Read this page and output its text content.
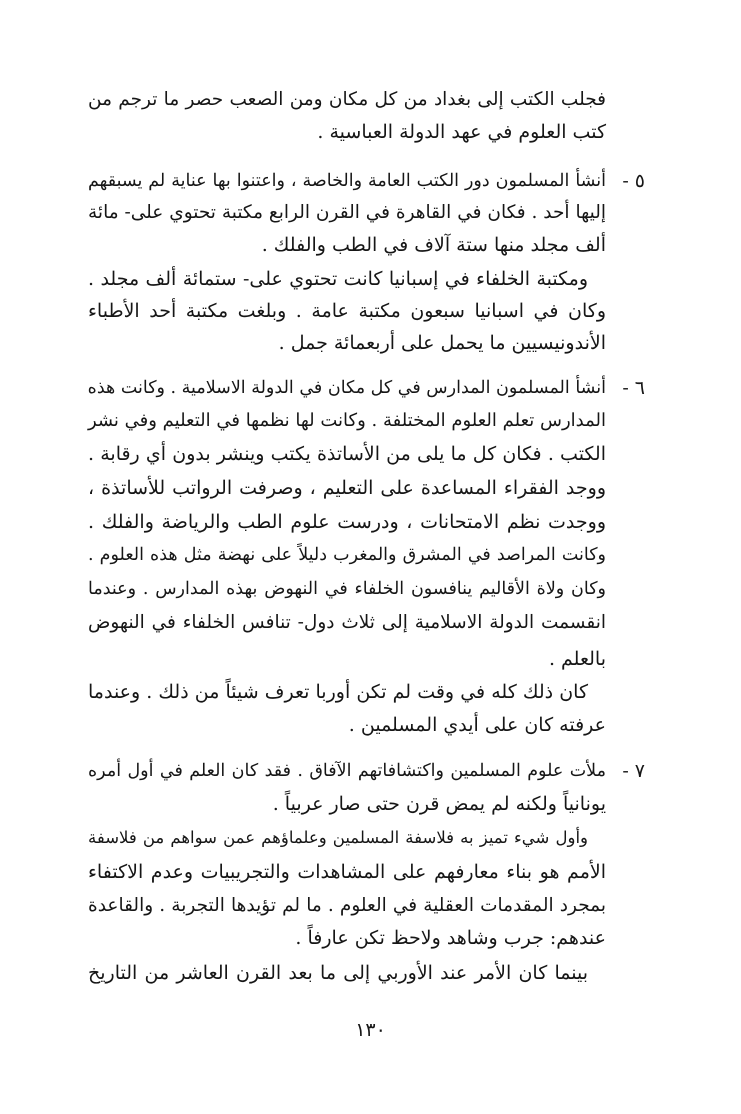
فجلب الكتب إلى بغداد من كل مكان ومن الصعب حصر ما ترجم من
كتب العلوم في عهد الدولة العباسية .
٥ -
أنشأ المسلمون دور الكتب العامة والخاصة ، واعتنوا بها عناية لم يسبقهم
إليها أحد . فكان في القاهرة في القرن الرابع مكتبة تحتوي على- مائة
ألف مجلد منها ستة آلاف في الطب والفلك .
ومكتبة الخلفاء في إسبانيا كانت تحتوي على- ستمائة ألف مجلد .
وكان في اسبانيا سبعون مكتبة عامة . وبلغت مكتبة أحد الأطباء
الأندونيسيين ما يحمل على أربعمائة جمل .
٦ -
أنشأ المسلمون المدارس في كل مكان في الدولة الاسلامية . وكانت هذه
المدارس تعلم العلوم المختلفة . وكانت لها نظمها في التعليم وفي نشر
الكتب . فكان كل ما يلى من الأساتذة يكتب وينشر بدون أي رقابة .
ووجد الفقراء المساعدة على التعليم ، وصرفت الرواتب للأساتذة ،
ووجدت نظم الامتحانات ، ودرست علوم الطب والرياضة والفلك .
وكانت المراصد في المشرق والمغرب دليلاً على نهضة مثل هذه العلوم .
وكان ولاة الأقاليم ينافسون الخلفاء في النهوض بهذه المدارس . وعندما
انقسمت الدولة الاسلامية إلى ثلاث دول- تنافس الخلفاء في النهوض
بالعلم .
كان ذلك كله في وقت لم تكن أوربا تعرف شيئاً من ذلك . وعندما
عرفته كان على أيدي المسلمين .
٧ -
ملأت علوم المسلمين واكتشافاتهم الآفاق . فقد كان العلم في أول أمره
يونانياً ولكنه لم يمض قرن حتى صار عربياً .
وأول شيء تميز به فلاسفة المسلمين وعلماؤهم عمن سواهم من فلاسفة
الأمم هو بناء معارفهم على المشاهدات والتجريبيات وعدم الاكتفاء
بمجرد المقدمات العقلية في العلوم . ما لم تؤيدها التجربة . والقاعدة
عندهم: جرب وشاهد ولاحظ تكن عارفاً .
بينما كان الأمر عند الأوربي إلى ما بعد القرن العاشر من التاريخ
١٣٠
